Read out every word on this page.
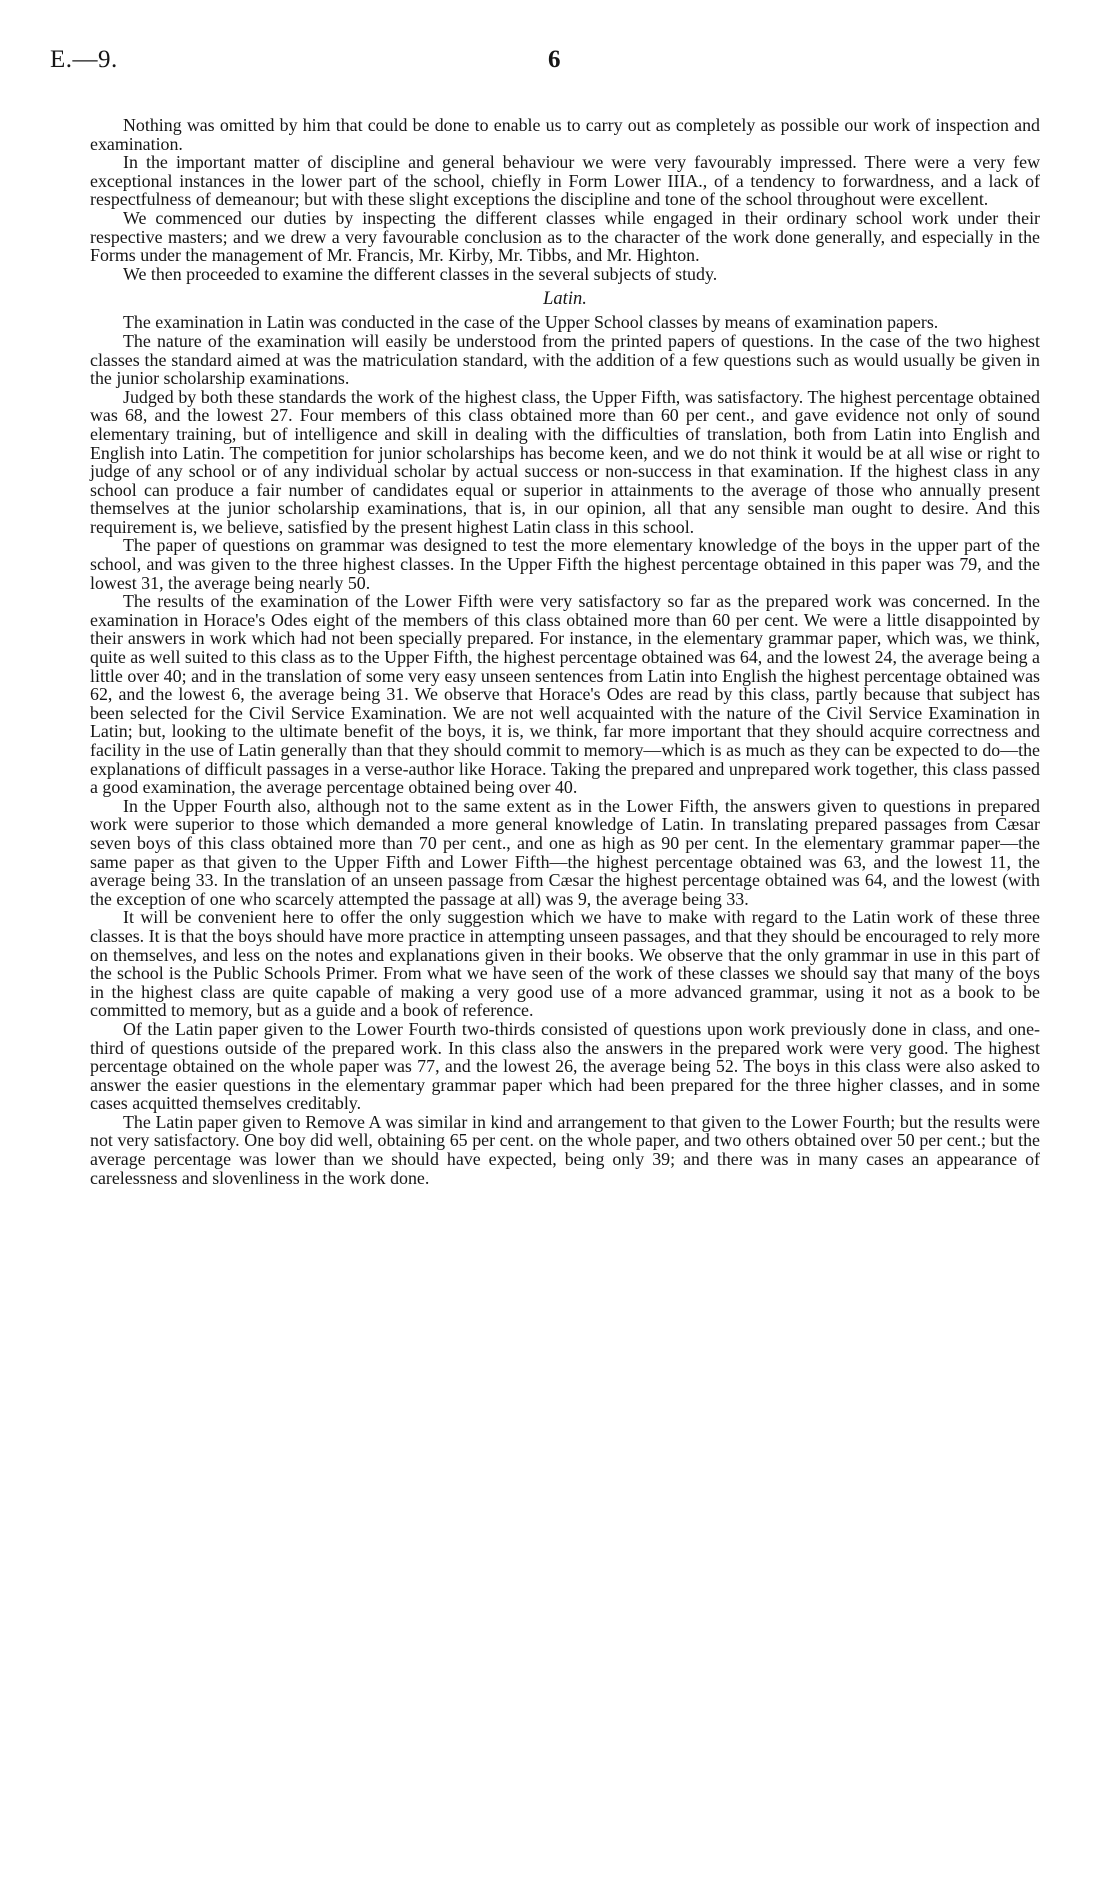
E.—9.	6

Nothing was omitted by him that could be done to enable us to carry out as completely as possible our work of inspection and examination.

In the important matter of discipline and general behaviour we were very favourably impressed. There were a very few exceptional instances in the lower part of the school, chiefly in Form Lower IIIA., of a tendency to forwardness, and a lack of respectfulness of demeanour; but with these slight exceptions the discipline and tone of the school throughout were excellent.

We commenced our duties by inspecting the different classes while engaged in their ordinary school work under their respective masters; and we drew a very favourable conclusion as to the character of the work done generally, and especially in the Forms under the management of Mr. Francis, Mr. Kirby, Mr. Tibbs, and Mr. Highton.

We then proceeded to examine the different classes in the several subjects of study.

Latin.

The examination in Latin was conducted in the case of the Upper School classes by means of examination papers.

The nature of the examination will easily be understood from the printed papers of questions. In the case of the two highest classes the standard aimed at was the matriculation standard, with the addition of a few questions such as would usually be given in the junior scholarship examinations.

Judged by both these standards the work of the highest class, the Upper Fifth, was satisfactory. The highest percentage obtained was 68, and the lowest 27. Four members of this class obtained more than 60 per cent., and gave evidence not only of sound elementary training, but of intelligence and skill in dealing with the difficulties of translation, both from Latin into English and English into Latin. The competition for junior scholarships has become keen, and we do not think it would be at all wise or right to judge of any school or of any individual scholar by actual success or non-success in that examination. If the highest class in any school can produce a fair number of candidates equal or superior in attainments to the average of those who annually present themselves at the junior scholarship examinations, that is, in our opinion, all that any sensible man ought to desire. And this requirement is, we believe, satisfied by the present highest Latin class in this school.

The paper of questions on grammar was designed to test the more elementary knowledge of the boys in the upper part of the school, and was given to the three highest classes. In the Upper Fifth the highest percentage obtained in this paper was 79, and the lowest 31, the average being nearly 50.

The results of the examination of the Lower Fifth were very satisfactory so far as the prepared work was concerned. In the examination in Horace's Odes eight of the members of this class obtained more than 60 per cent. We were a little disappointed by their answers in work which had not been specially prepared. For instance, in the elementary grammar paper, which was, we think, quite as well suited to this class as to the Upper Fifth, the highest percentage obtained was 64, and the lowest 24, the average being a little over 40; and in the translation of some very easy unseen sentences from Latin into English the highest percentage obtained was 62, and the lowest 6, the average being 31. We observe that Horace's Odes are read by this class, partly because that subject has been selected for the Civil Service Examination. We are not well acquainted with the nature of the Civil Service Examination in Latin; but, looking to the ultimate benefit of the boys, it is, we think, far more important that they should acquire correctness and facility in the use of Latin generally than that they should commit to memory—which is as much as they can be expected to do—the explanations of difficult passages in a verse-author like Horace. Taking the prepared and unprepared work together, this class passed a good examination, the average percentage obtained being over 40.

In the Upper Fourth also, although not to the same extent as in the Lower Fifth, the answers given to questions in prepared work were superior to those which demanded a more general knowledge of Latin. In translating prepared passages from Cæsar seven boys of this class obtained more than 70 per cent., and one as high as 90 per cent. In the elementary grammar paper—the same paper as that given to the Upper Fifth and Lower Fifth—the highest percentage obtained was 63, and the lowest 11, the average being 33. In the translation of an unseen passage from Cæsar the highest percentage obtained was 64, and the lowest (with the exception of one who scarcely attempted the passage at all) was 9, the average being 33.

It will be convenient here to offer the only suggestion which we have to make with regard to the Latin work of these three classes. It is that the boys should have more practice in attempting unseen passages, and that they should be encouraged to rely more on themselves, and less on the notes and explanations given in their books. We observe that the only grammar in use in this part of the school is the Public Schools Primer. From what we have seen of the work of these classes we should say that many of the boys in the highest class are quite capable of making a very good use of a more advanced grammar, using it not as a book to be committed to memory, but as a guide and a book of reference.

Of the Latin paper given to the Lower Fourth two-thirds consisted of questions upon work previously done in class, and one-third of questions outside of the prepared work. In this class also the answers in the prepared work were very good. The highest percentage obtained on the whole paper was 77, and the lowest 26, the average being 52. The boys in this class were also asked to answer the easier questions in the elementary grammar paper which had been prepared for the three higher classes, and in some cases acquitted themselves creditably.

The Latin paper given to Remove A was similar in kind and arrangement to that given to the Lower Fourth; but the results were not very satisfactory. One boy did well, obtaining 65 per cent. on the whole paper, and two others obtained over 50 per cent.; but the average percentage was lower than we should have expected, being only 39; and there was in many cases an appearance of carelessness and slovenliness in the work done.
